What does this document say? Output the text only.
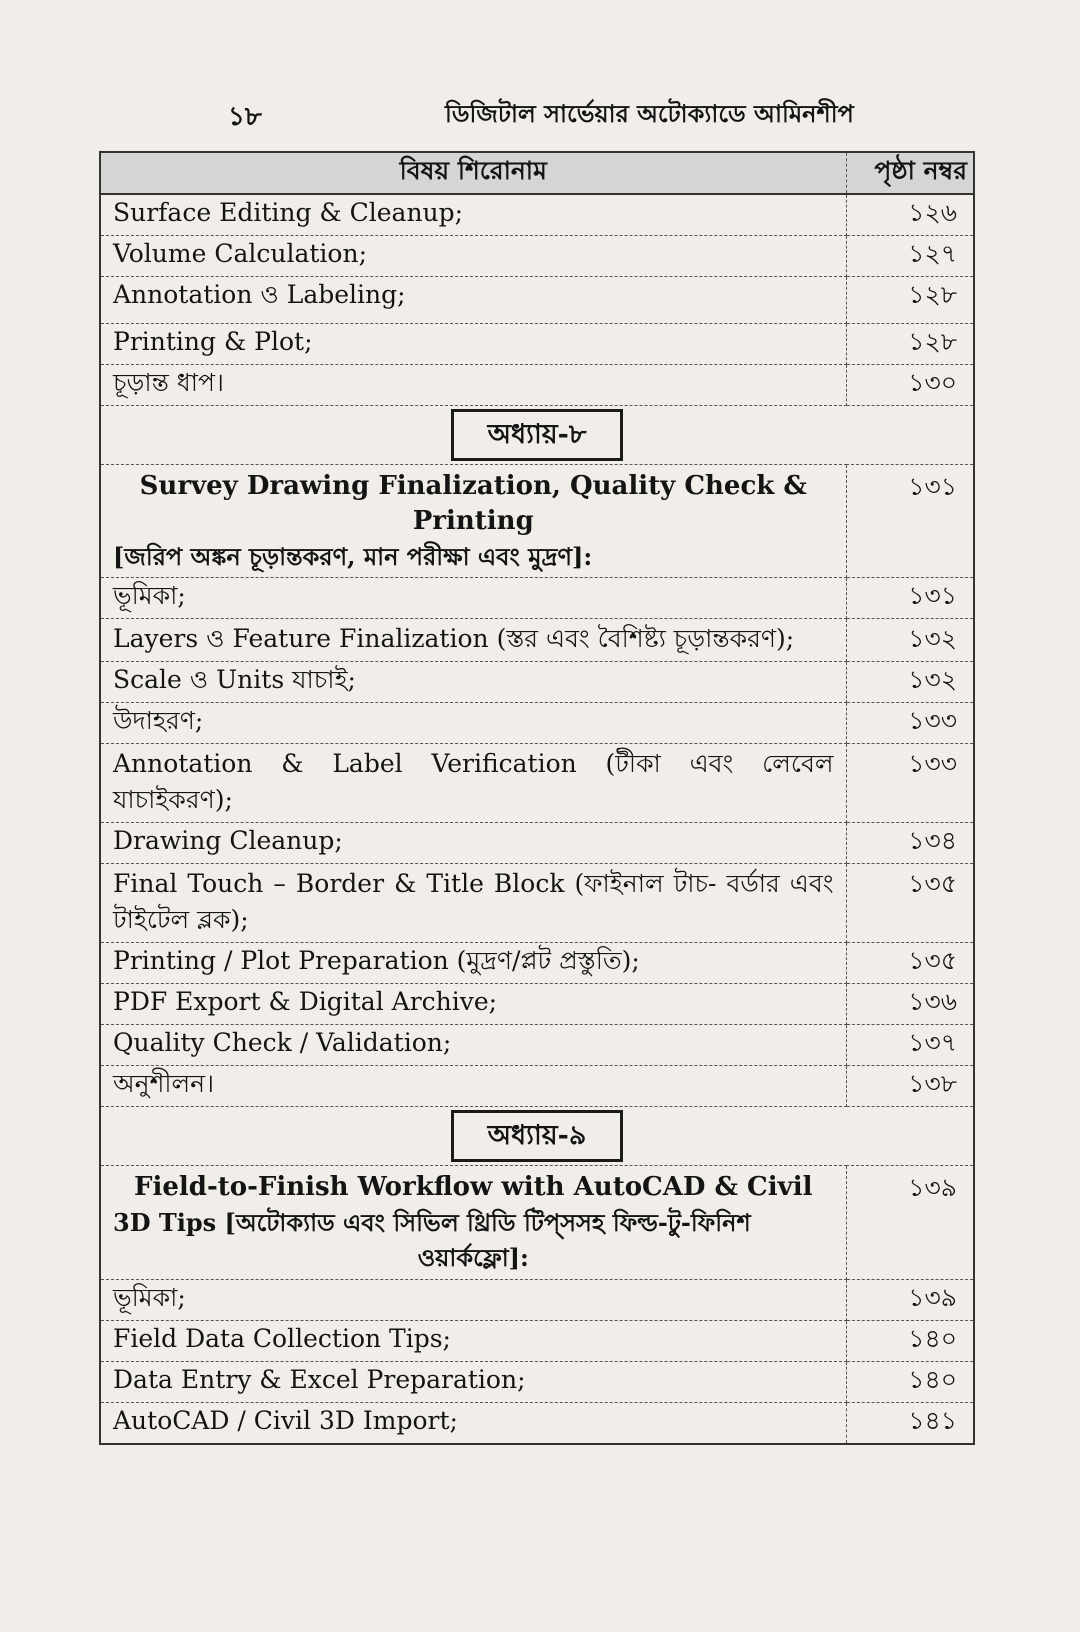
১৮	ডিজিটাল সার্ভেয়ার অটোক্যাডে আমিনশীপ
বিষয় শিরোনাম	পৃষ্ঠা নম্বর
Surface Editing & Cleanup;	১২৬
Volume Calculation;	১২৭
Annotation ও Labeling;	১২৮
Printing & Plot;	১২৮
চূড়ান্ত ধাপ।	১৩০
অধ্যায়-৮	

Survey Drawing Finalization, Quality Check &
Printing
[জরিপ অঙ্কন চূড়ান্তকরণ, মান পরীক্ষা এবং মুদ্রণ]:	১৩১
ভূমিকা;	১৩১
Layers ও Feature Finalization (স্তর এবং বৈশিষ্ট্য চূড়ান্তকরণ);	১৩২
Scale ও Units যাচাই;	১৩২
উদাহরণ;	১৩৩
Annotation & Label Verification (টীকা এবং লেবেল যাচাইকরণ);	১৩৩
Drawing Cleanup;	১৩৪
Final Touch – Border & Title Block (ফাইনাল টাচ- বর্ডার এবং টাইটেল ব্লক);	১৩৫
Printing / Plot Preparation (মুদ্রণ/প্লট প্রস্তুতি);	১৩৫
PDF Export & Digital Archive;	১৩৬
Quality Check / Validation;	১৩৭
অনুশীলন।	১৩৮
অধ্যায়-৯	

Field-to-Finish Workflow with AutoCAD & Civil
3D Tips [অটোক্যাড এবং সিভিল থ্রিডি টিপ্‌সসহ ফিল্ড-টু-ফিনিশ
ওয়ার্কফ্লো]:	১৩৯
ভূমিকা;	১৩৯
Field Data Collection Tips;	১৪০
Data Entry & Excel Preparation;	১৪০
AutoCAD / Civil 3D Import;	১৪১
